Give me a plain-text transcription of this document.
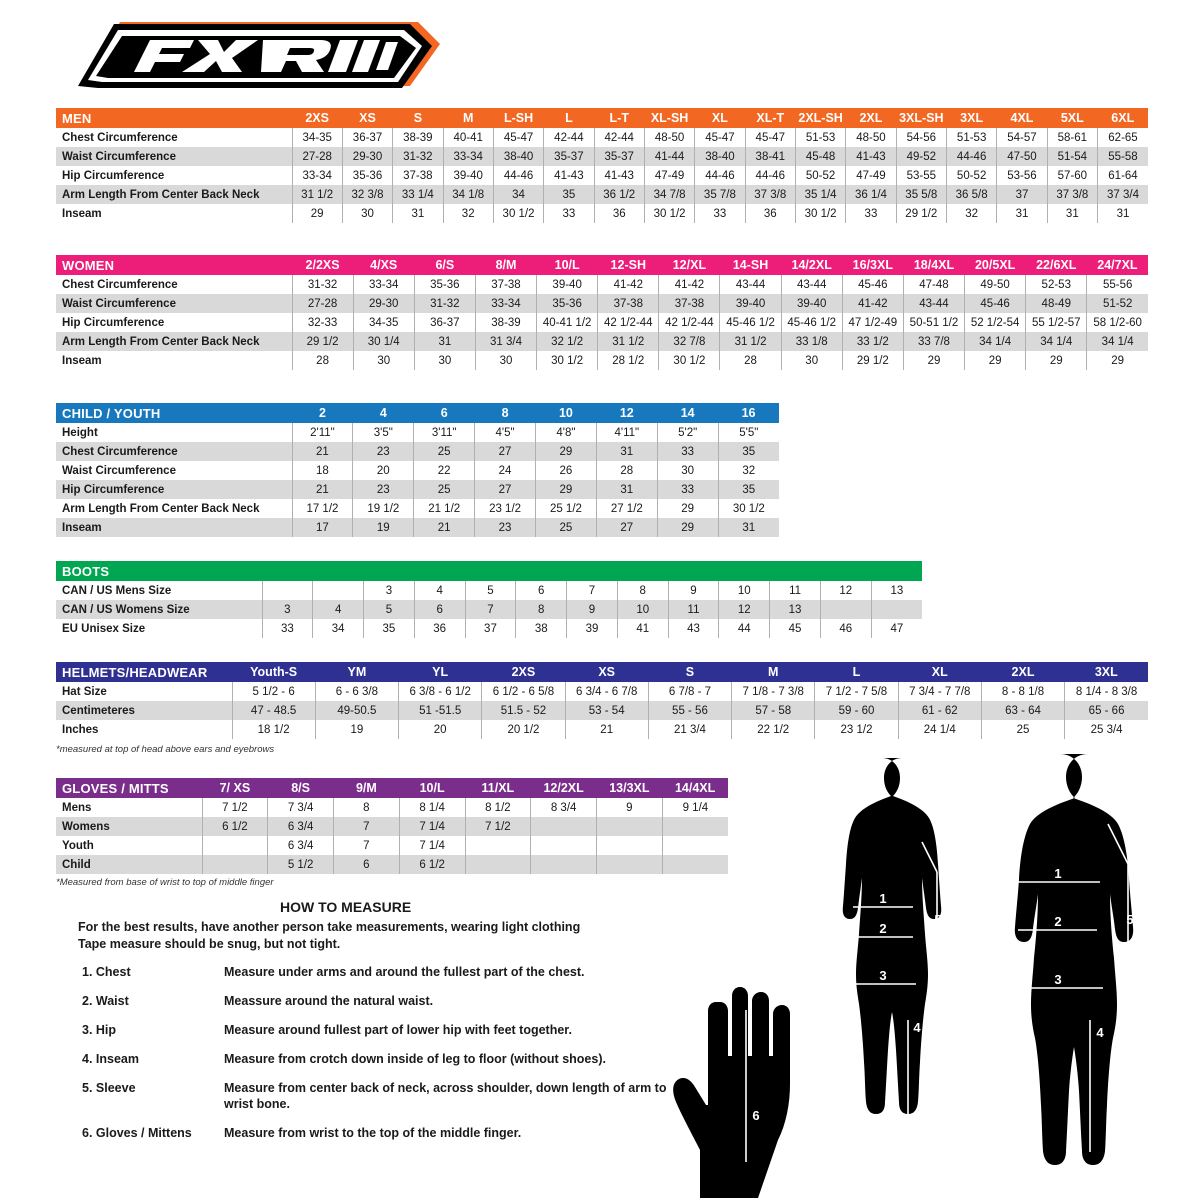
MEN	2XS	XS	S	M	L-SH	L	L-T	XL-SH	XL	XL-T	2XL-SH	2XL	3XL-SH	3XL	4XL	5XL	6XL
Chest Circumference	34-35	36-37	38-39	40-41	45-47	42-44	42-44	48-50	45-47	45-47	51-53	48-50	54-56	51-53	54-57	58-61	62-65
Waist Circumference	27-28	29-30	31-32	33-34	38-40	35-37	35-37	41-44	38-40	38-41	45-48	41-43	49-52	44-46	47-50	51-54	55-58
Hip Circumference	33-34	35-36	37-38	39-40	44-46	41-43	41-43	47-49	44-46	44-46	50-52	47-49	53-55	50-52	53-56	57-60	61-64
Arm Length From Center Back Neck	31 1/2	32 3/8	33 1/4	34 1/8	34	35	36 1/2	34 7/8	35 7/8	37 3/8	35 1/4	36 1/4	35 5/8	36 5/8	37	37 3/8	37 3/4
Inseam	29	30	31	32	30 1/2	33	36	30 1/2	33	36	30 1/2	33	29 1/2	32	31	31	31
WOMEN	2/2XS	4/XS	6/S	8/M	10/L	12-SH	12/XL	14-SH	14/2XL	16/3XL	18/4XL	20/5XL	22/6XL	24/7XL
Chest Circumference	31-32	33-34	35-36	37-38	39-40	41-42	41-42	43-44	43-44	45-46	47-48	49-50	52-53	55-56
Waist Circumference	27-28	29-30	31-32	33-34	35-36	37-38	37-38	39-40	39-40	41-42	43-44	45-46	48-49	51-52
Hip Circumference	32-33	34-35	36-37	38-39	40-41 1/2	42 1/2-44	42 1/2-44	45-46 1/2	45-46 1/2	47 1/2-49	50-51 1/2	52 1/2-54	55 1/2-57	58 1/2-60
Arm Length From Center Back Neck	29 1/2	30 1/4	31	31 3/4	32 1/2	31 1/2	32 7/8	31 1/2	33 1/8	33 1/2	33 7/8	34 1/4	34 1/4	34 1/4
Inseam	28	30	30	30	30 1/2	28 1/2	30 1/2	28	30	29 1/2	29	29	29	29
CHILD / YOUTH	2	4	6	8	10	12	14	16
Height	2'11"	3'5"	3'11"	4'5"	4'8"	4'11"	5'2"	5'5"
Chest Circumference	21	23	25	27	29	31	33	35
Waist Circumference	18	20	22	24	26	28	30	32
Hip Circumference	21	23	25	27	29	31	33	35
Arm Length From Center Back Neck	17 1/2	19 1/2	21 1/2	23 1/2	25 1/2	27 1/2	29	30 1/2
Inseam	17	19	21	23	25	27	29	31
BOOTS													
CAN / US Mens Size			3	4	5	6	7	8	9	10	11	12	13
CAN / US Womens Size	3	4	5	6	7	8	9	10	11	12	13		
EU Unisex Size	33	34	35	36	37	38	39	41	43	44	45	46	47
HELMETS/HEADWEAR	Youth-S	YM	YL	2XS	XS	S	M	L	XL	2XL	3XL
Hat Size	5 1/2 - 6	6 - 6 3/8	6 3/8 - 6 1/2	6 1/2 - 6 5/8	6 3/4 - 6 7/8	6 7/8 - 7	7 1/8 - 7 3/8	7 1/2 - 7 5/8	7 3/4 - 7 7/8	8 - 8 1/8	8 1/4 - 8 3/8
Centimeteres	47 - 48.5	49-50.5	51 -51.5	51.5 - 52	53 - 54	55 - 56	57 - 58	59 - 60	61 - 62	63 - 64	65 - 66
Inches	18 1/2	19	20	20 1/2	21	21 3/4	22 1/2	23 1/2	24 1/4	25	25 3/4
GLOVES / MITTS	7/ XS	8/S	9/M	10/L	11/XL	12/2XL	13/3XL	14/4XL
Mens	7 1/2	7 3/4	8	8 1/4	8 1/2	8 3/4	9	9 1/4
Womens	6 1/2	6 3/4	7	7 1/4	7 1/2			
Youth		6 3/4	7	7 1/4				
Child		5 1/2	6	6 1/2				
*measured at top of head above ears and eyebrows
*Measured from base of wrist to top of middle finger
HOW TO MEASURE
For the best results, have another person take measurements, wearing light clothing
Tape measure should be snug, but not tight.
1. Chest	Measure under arms and around the fullest part of the chest.
2. Waist	Meassure around the natural waist.
3. Hip	Measure around fullest part of lower hip with feet together.
4. Inseam	Measure from crotch down inside of leg to floor (without shoes).
5. Sleeve	Measure from center back of neck, across shoulder, down length of arm to wrist bone.
6. Gloves / Mittens	Measure from wrist to the top of the middle finger.
1
2
3
4
5
1
2
3
4
5
6
